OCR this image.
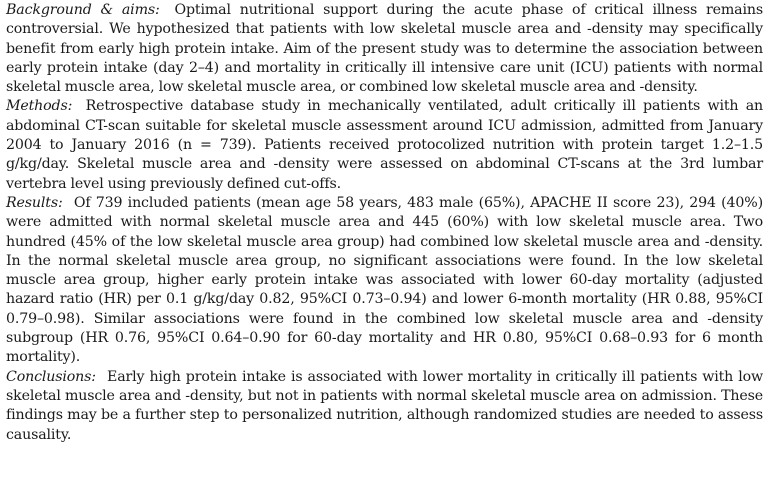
Background & aims: Optimal nutritional support during the acute phase of critical illness remains controversial. We hypothesized that patients with low skeletal muscle area and -density may specifically benefit from early high protein intake. Aim of the present study was to determine the association between early protein intake (day 2–4) and mortality in critically ill intensive care unit (ICU) patients with normal skeletal muscle area, low skeletal muscle area, or combined low skeletal muscle area and -density.

Methods: Retrospective database study in mechanically ventilated, adult critically ill patients with an abdominal CT-scan suitable for skeletal muscle assessment around ICU admission, admitted from January 2004 to January 2016 (n = 739). Patients received protocolized nutrition with protein target 1.2–1.5 g/kg/day. Skeletal muscle area and -density were assessed on abdominal CT-scans at the 3rd lumbar vertebra level using previously defined cut-offs.

Results: Of 739 included patients (mean age 58 years, 483 male (65%), APACHE II score 23), 294 (40%) were admitted with normal skeletal muscle area and 445 (60%) with low skeletal muscle area. Two hundred (45% of the low skeletal muscle area group) had combined low skeletal muscle area and -density. In the normal skeletal muscle area group, no significant associations were found. In the low skeletal muscle area group, higher early protein intake was associated with lower 60-day mortality (adjusted hazard ratio (HR) per 0.1 g/kg/day 0.82, 95%CI 0.73–0.94) and lower 6-month mortality (HR 0.88, 95%CI 0.79–0.98). Similar associations were found in the combined low skeletal muscle area and -density subgroup (HR 0.76, 95%CI 0.64–0.90 for 60-day mortality and HR 0.80, 95%CI 0.68–0.93 for 6 month mortality).

Conclusions: Early high protein intake is associated with lower mortality in critically ill patients with low skeletal muscle area and -density, but not in patients with normal skeletal muscle area on admission. These findings may be a further step to personalized nutrition, although randomized studies are needed to assess causality.
